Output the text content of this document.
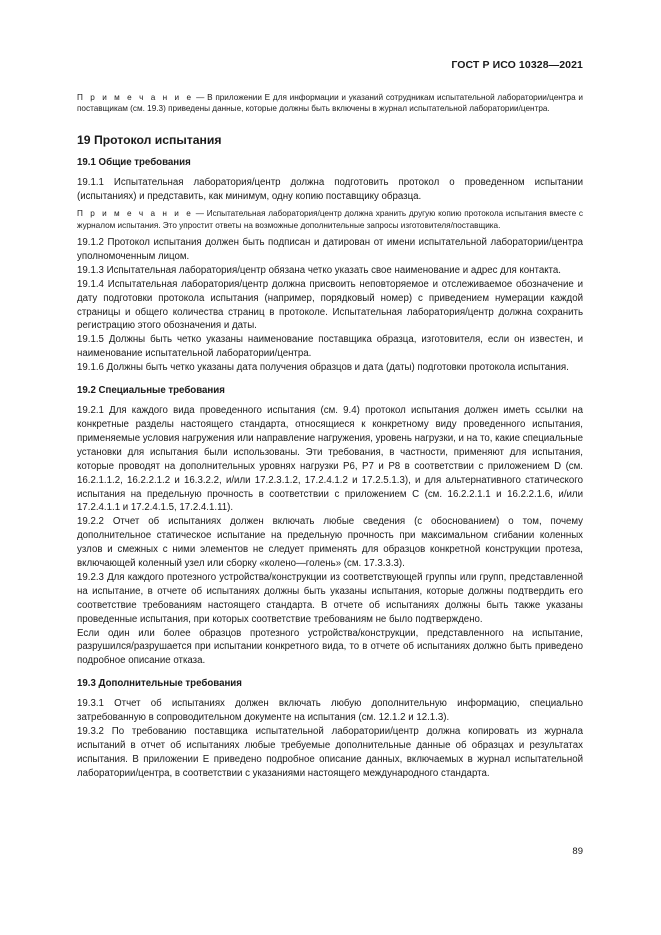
ГОСТ Р ИСО 10328—2021

П р и м е ч а н и е — В приложении Е для информации и указаний сотрудникам испытательной лаборатории/центра и поставщикам (см. 19.3) приведены данные, которые должны быть включены в журнал испытательной лаборатории/центра.

19 Протокол испытания
19.1 Общие требования

19.1.1 Испытательная лаборатория/центр должна подготовить протокол о проведенном испытании (испытаниях) и представить, как минимум, одну копию поставщику образца.

П р и м е ч а н и е — Испытательная лаборатория/центр должна хранить другую копию протокола испытания вместе с журналом испытания. Это упростит ответы на возможные дополнительные запросы изготовителя/поставщика.

19.1.2 Протокол испытания должен быть подписан и датирован от имени испытательной лаборатории/центра уполномоченным лицом.

19.1.3 Испытательная лаборатория/центр обязана четко указать свое наименование и адрес для контакта.

19.1.4 Испытательная лаборатория/центр должна присвоить неповторяемое и отслеживаемое обозначение и дату подготовки протокола испытания (например, порядковый номер) с приведением нумерации каждой страницы и общего количества страниц в протоколе. Испытательная лаборатория/центр должна сохранить регистрацию этого обозначения и даты.

19.1.5 Должны быть четко указаны наименование поставщика образца, изготовителя, если он известен, и наименование испытательной лаборатории/центра.

19.1.6 Должны быть четко указаны дата получения образцов и дата (даты) подготовки протокола испытания.

19.2 Специальные требования

19.2.1 Для каждого вида проведенного испытания (см. 9.4) протокол испытания должен иметь ссылки на конкретные разделы настоящего стандарта, относящиеся к конкретному виду проведенного испытания, применяемые условия нагружения или направление нагружения, уровень нагрузки, и на то, какие специальные установки для испытания были использованы. Эти требования, в частности, применяют для испытания, которые проводят на дополнительных уровнях нагрузки Р6, Р7 и Р8 в соответствии с приложением D (см. 16.2.1.1.2, 16.2.2.1.2 и 16.3.2.2, и/или 17.2.3.1.2, 17.2.4.1.2 и 17.2.5.1.3), и для альтернативного статического испытания на предельную прочность в соответствии с приложением С (см. 16.2.2.1.1 и 16.2.2.1.6, и/или 17.2.4.1.1 и 17.2.4.1.5, 17.2.4.1.11).

19.2.2 Отчет об испытаниях должен включать любые сведения (с обоснованием) о том, почему дополнительное статическое испытание на предельную прочность при максимальном сгибании коленных узлов и смежных с ними элементов не следует применять для образцов конкретной конструкции протеза, включающей коленный узел или сборку «колено—голень» (см. 17.3.3.3).

19.2.3 Для каждого протезного устройства/конструкции из соответствующей группы или групп, представленной на испытание, в отчете об испытаниях должны быть указаны испытания, которые должны подтвердить его соответствие требованиям настоящего стандарта. В отчете об испытаниях должны быть также указаны проведенные испытания, при которых соответствие требованиям не было подтверждено.

Если один или более образцов протезного устройства/конструкции, представленного на испытание, разрушился/разрушается при испытании конкретного вида, то в отчете об испытаниях должно быть приведено подробное описание отказа.

19.3 Дополнительные требования

19.3.1 Отчет об испытаниях должен включать любую дополнительную информацию, специально затребованную в сопроводительном документе на испытания (см. 12.1.2 и 12.1.3).

19.3.2 По требованию поставщика испытательной лаборатории/центр должна копировать из журнала испытаний в отчет об испытаниях любые требуемые дополнительные данные об образцах и результатах испытания. В приложении Е приведено подробное описание данных, включаемых в журнал испытательной лаборатории/центра, в соответствии с указаниями настоящего международного стандарта.

89
